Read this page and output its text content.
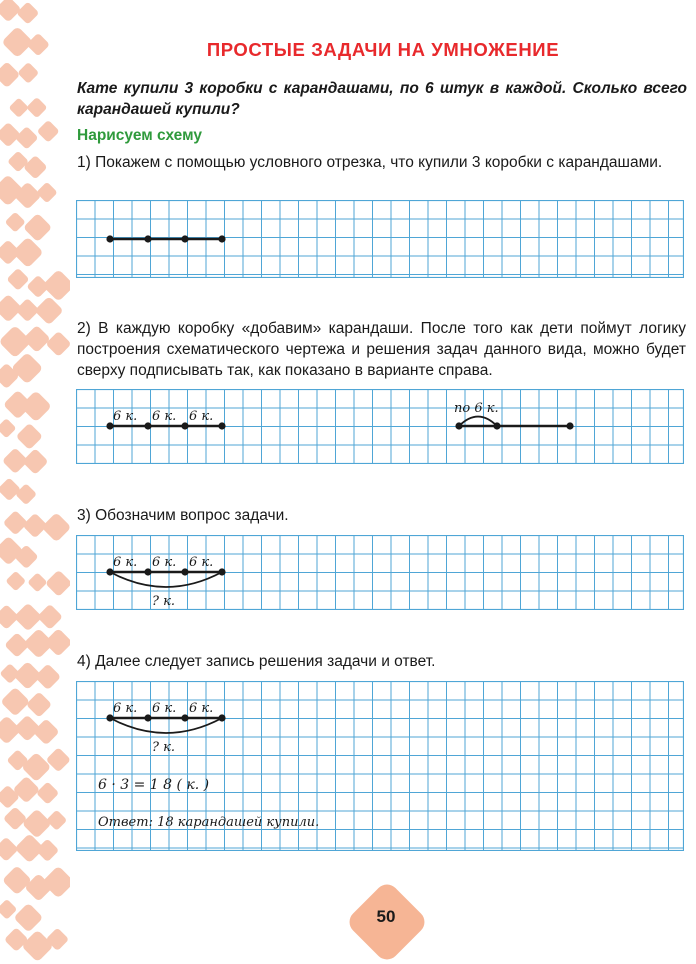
ПРОСТЫЕ ЗАДАЧИ НА УМНОЖЕНИЕ

Кате купили 3 коробки с карандашами, по 6 штук в каждой. Сколько всего карандашей купили?

Нарисуем схему

1) Покажем с помощью условного отрезка, что купили 3 коробки с карандашами.

2) В каждую коробку «добавим» карандаши. После того как дети поймут логику построения схематического чертежа и решения задач данного вида, можно будет сверху подписывать так, как показано в варианте справа.

6 к. 6 к. 6 к.
по 6 к.

3) Обозначим вопрос задачи.

6 к. 6 к. 6 к.
? к.

4) Далее следует запись решения задачи и ответ.

6 к. 6 к. 6 к.
? к.
6 · 3 = 1 8 ( к. )
Ответ: 18 карандашей купили.
50
